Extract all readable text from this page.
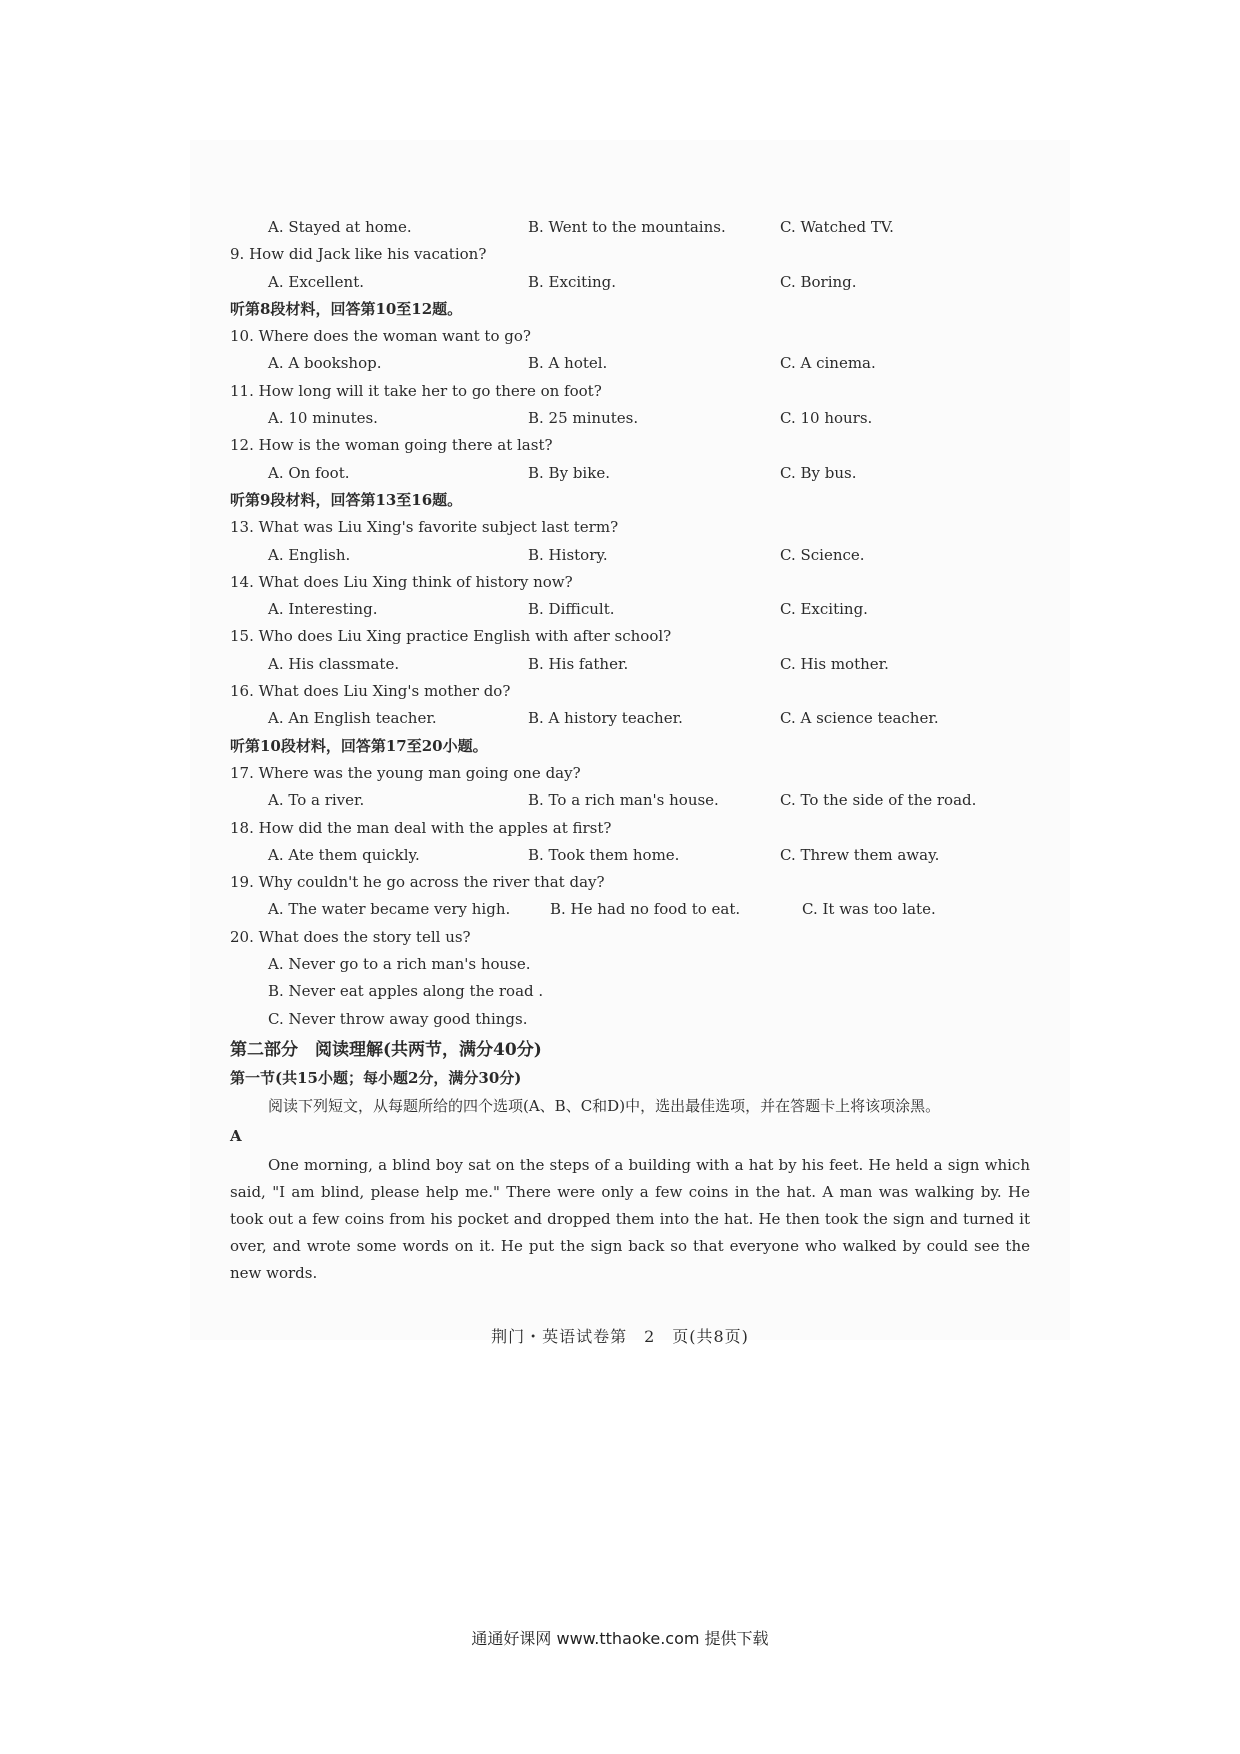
A. Stayed at home.	B. Went to the mountains.	C. Watched TV.
9.
How did Jack like his vacation?
A. Excellent.	B. Exciting.	C. Boring.
听第8段材料，回答第10至12题。
10.
Where does the woman want to go?
A. A bookshop.	B. A hotel.	C. A cinema.
11.
How long will it take her to go there on foot?
A. 10 minutes.	B. 25 minutes.	C. 10 hours.
12.
How is the woman going there at last?
A. On foot.	B. By bike.	C. By bus.
听第9段材料，回答第13至16题。
13.
What was Liu Xing's favorite subject last term?
A. English.	B. History.	C. Science.
14.
What does Liu Xing think of history now?
A. Interesting.	B. Difficult.	C. Exciting.
15.
Who does Liu Xing practice English with after school?
A. His classmate.	B. His father.	C. His mother.
16.
What does Liu Xing's mother do?
A. An English teacher.	B. A history teacher.	C. A science teacher.
听第10段材料，回答第17至20小题。
17.
Where was the young man going one day?
A. To a river.	B. To a rich man's house.	C. To the side of the road.
18.
How did the man deal with the apples at first?
A. Ate them quickly.	B. Took them home.	C. Threw them away.
19.
Why couldn't he go across the river that day?
A. The water became very high.	B. He had no food to eat.	C. It was too late.
20.
What does the story tell us?
A. Never go to a rich man's house.
B. Never eat apples along the road .
C. Never throw away good things.
第二部分　阅读理解(共两节，满分40分)
第一节(共15小题；每小题2分，满分30分)
阅读下列短文，从每题所给的四个选项(A、B、C和D)中，选出最佳选项，并在答题卡上将该项涂黑。
A
One morning, a blind boy sat on the steps of a building with a hat by his feet. He held a sign which said, "I am blind, please help me." There were only a few coins in the hat. A man was walking by. He took out a few coins from his pocket and dropped them into the hat. He then took the sign and turned it over, and wrote some words on it. He put the sign back so that everyone who walked by could see the new words.
荆门・英语试卷第　2　页(共8页)
通通好课网 www.tthaoke.com 提供下载
